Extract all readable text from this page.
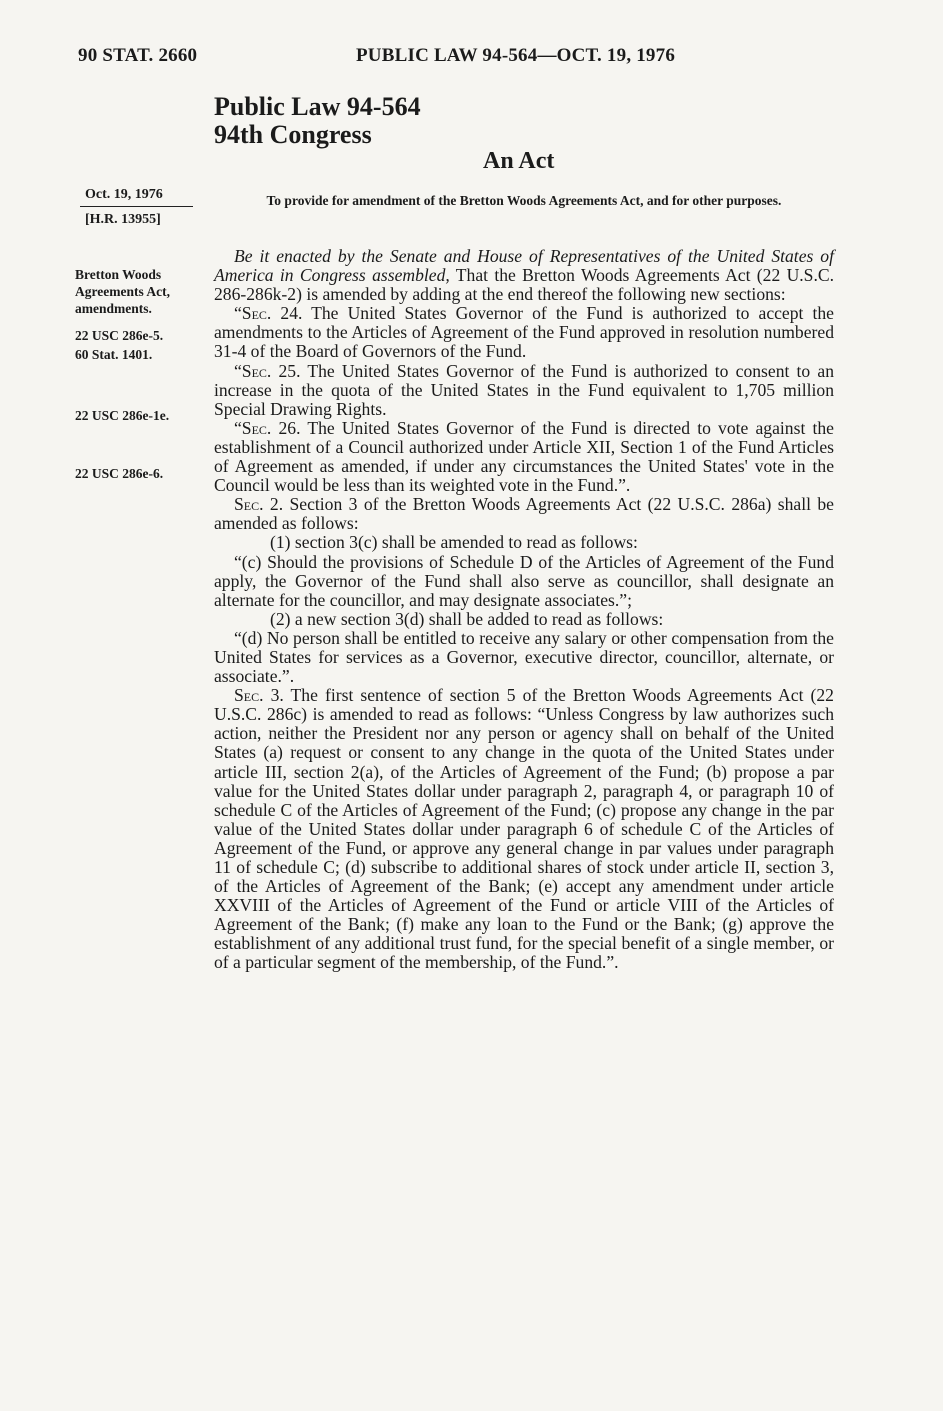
90 STAT. 2660	PUBLIC LAW 94-564—OCT. 19, 1976
Public Law 94-564
94th Congress
An Act
Oct. 19, 1976
[H.R. 13955]
Bretton Woods Agreements Act, amendments.
22 USC 286e-5.
60 Stat. 1401.
22 USC 286e-1e.
22 USC 286e-6.
To provide for amendment of the Bretton Woods Agreements Act, and for other purposes.

Be it enacted by the Senate and House of Representatives of the United States of America in Congress assembled, That the Bretton Woods Agreements Act (22 U.S.C. 286-286k-2) is amended by adding at the end thereof the following new sections:

“Sec. 24. The United States Governor of the Fund is authorized to accept the amendments to the Articles of Agreement of the Fund approved in resolution numbered 31-4 of the Board of Governors of the Fund.

“Sec. 25. The United States Governor of the Fund is authorized to consent to an increase in the quota of the United States in the Fund equivalent to 1,705 million Special Drawing Rights.

“Sec. 26. The United States Governor of the Fund is directed to vote against the establishment of a Council authorized under Article XII, Section 1 of the Fund Articles of Agreement as amended, if under any circumstances the United States' vote in the Council would be less than its weighted vote in the Fund.”.

Sec. 2. Section 3 of the Bretton Woods Agreements Act (22 U.S.C. 286a) shall be amended as follows:

(1) section 3(c) shall be amended to read as follows:

“(c) Should the provisions of Schedule D of the Articles of Agreement of the Fund apply, the Governor of the Fund shall also serve as councillor, shall designate an alternate for the councillor, and may designate associates.”;

(2) a new section 3(d) shall be added to read as follows:

“(d) No person shall be entitled to receive any salary or other compensation from the United States for services as a Governor, executive director, councillor, alternate, or associate.”.

Sec. 3. The first sentence of section 5 of the Bretton Woods Agreements Act (22 U.S.C. 286c) is amended to read as follows: “Unless Congress by law authorizes such action, neither the President nor any person or agency shall on behalf of the United States (a) request or consent to any change in the quota of the United States under article III, section 2(a), of the Articles of Agreement of the Fund; (b) propose a par value for the United States dollar under paragraph 2, paragraph 4, or paragraph 10 of schedule C of the Articles of Agreement of the Fund; (c) propose any change in the par value of the United States dollar under paragraph 6 of schedule C of the Articles of Agreement of the Fund, or approve any general change in par values under paragraph 11 of schedule C; (d) subscribe to additional shares of stock under article II, section 3, of the Articles of Agreement of the Bank; (e) accept any amendment under article XXVIII of the Articles of Agreement of the Fund or article VIII of the Articles of Agreement of the Bank; (f) make any loan to the Fund or the Bank; (g) approve the establishment of any additional trust fund, for the special benefit of a single member, or of a particular segment of the membership, of the Fund.”.
